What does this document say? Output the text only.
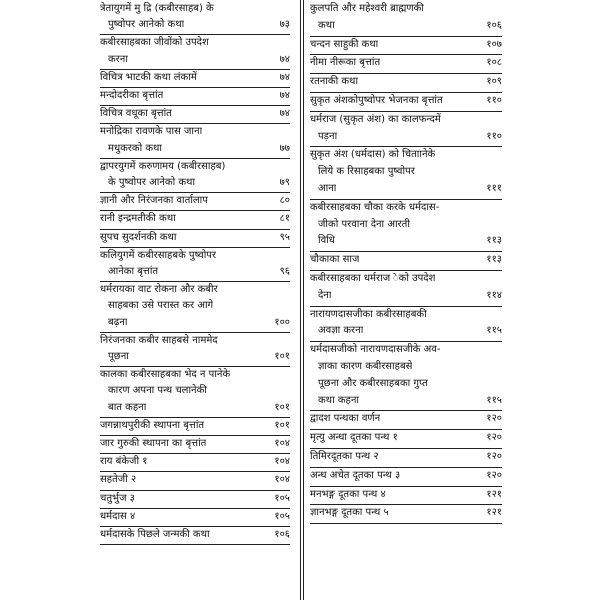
त्रेतायुगमें मु द्रि (कबीरसाहब) के
पुष्वोपर आनेको कथा	७३
कबीरसाहबका जीवोंको उपदेश
करना	७४
विचित्र भाटकी कथा लंकामें	७४
मन्दोदरीका बृत्तांत	७४
विचित्र वधूका बृत्तांत	७४
मनोद्रिका रावणके पास जाना
मधुकरको कथा	७७
द्वापरयुगमें करुणामय (कबीरसाहब)
के पुष्वोपर आनेको कथा	७९
ज्ञानी और निरंजनका वार्तालाप	८०
रानी इन्द्रमतीकी कथा	८१
सुपच सुदर्शनकी कथा	९५
कलियुगमें कबीरसाहबके पुष्वोपर
आनेका बृत्तांत	९६
धर्मरायका वाट रोकना और कबीर
साहबका उसे परास्त कर आगे
बढ़ना	१००
निरंजनका कबीर साहबसे नाममेद
पूछना	१०१
कालका कबीरसाहबका भेद न पानेके
कारण अपना पन्थ चलानेकी
बात कहना	१०१
जगन्नाथपुरीकी स्थापना बृत्तांत	१०१
जार गुरुकी स्थापना का बृत्तांत	१०४
राय बंकेजी १	१०४
सहतेजी २	१०४
चतुर्भुज ३	१०५
धर्मदास ४	१०५
धर्मदासके पिछले जन्मकी कथा	१०६
कुलपति और महेश्वरी ब्राह्मणकी
कथा	१०६
चन्दन साहुकी कथा	१०७
नीमा नीरूका बृत्तांत	१०८
रतनाकी कथा	१०९
सुकृत अंशकोपुष्वोपर भेजनका बृत्तांत	११०
धर्मराज (सुकृत अंश) का कालफन्दमें
पड़ना	११०
सुकृत अंश (धर्मदास) को चिताानेके
लिये क रिसाहबका पुष्वोपर
आना	१११
कबीरसाहबका चौका करके धर्मदास-
जीको परवाना देना आरती
विधि	११३
चौकाका साज	११३
कबीरसाहबका धर्मराज ेको उपदेश
देना	११४
नारायणदासजीका कबीरसाहबकी
अवज्ञा करना	११५
धर्मदासजीको नारायणदासजीके अव-
ज्ञाका कारण कबीरसाहबसे
पूछना और कबीरसाहबका गुप्त
कथा कहना	११५
द्वादश पन्थका वर्णन	१२०
मृत्यु अन्धा दूतका पन्थ १	१२०
तिमिरदूतका पन्थ २	१२०
अन्ध अचेत दूतका पन्थ ३	१२०
मनभङ्ग दूतका पन्थ ४	१२१
ज्ञानभङ्ग दूतका पन्थ ५	१२१
